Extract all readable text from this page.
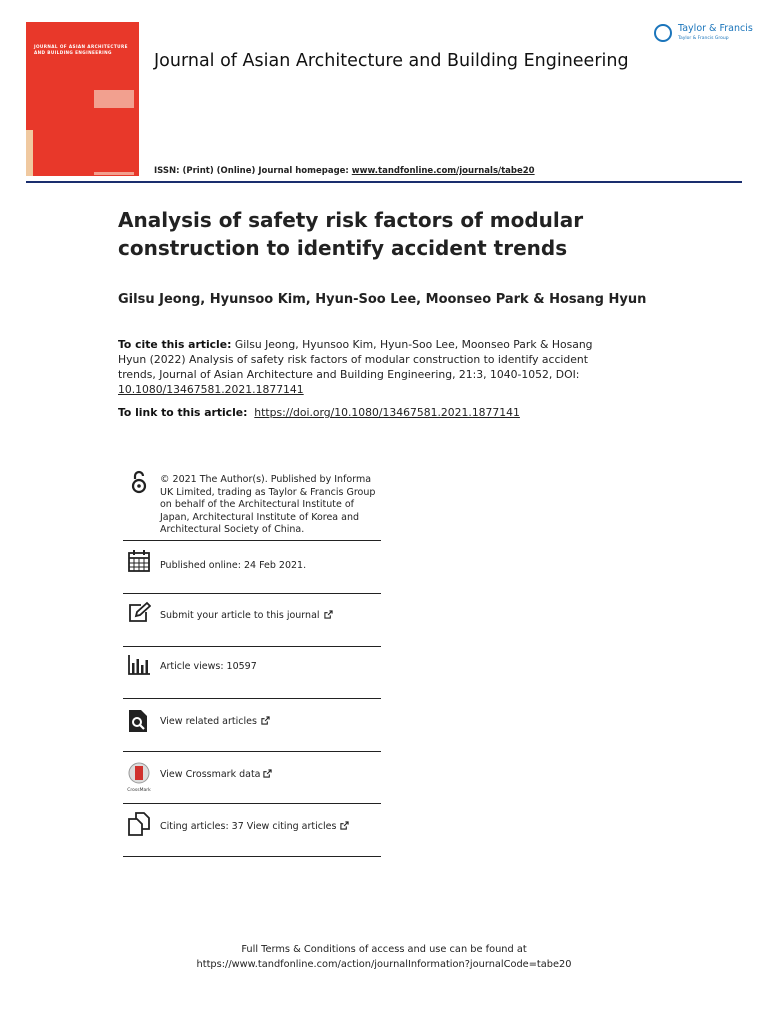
JOURNAL OF ASIAN ARCHITECTURE AND BUILDING ENGINEERING	Journal of Asian Architecture and Building Engineering
Taylor & Francis
Taylor & Francis Group
ISSN: (Print) (Online) Journal homepage: www.tandfonline.com/journals/tabe20
Analysis of safety risk factors of modular construction to identify accident trends
Gilsu Jeong, Hyunsoo Kim, Hyun-Soo Lee, Moonseo Park & Hosang Hyun
To cite this article: Gilsu Jeong, Hyunsoo Kim, Hyun-Soo Lee, Moonseo Park & Hosang Hyun (2022) Analysis of safety risk factors of modular construction to identify accident trends, Journal of Asian Architecture and Building Engineering, 21:3, 1040-1052, DOI: 10.1080/13467581.2021.1877141
To link to this article: https://doi.org/10.1080/13467581.2021.1877141
© 2021 The Author(s). Published by Informa UK Limited, trading as Taylor & Francis Group on behalf of the Architectural Institute of Japan, Architectural Institute of Korea and Architectural Society of China.
Published online: 24 Feb 2021.
Submit your article to this journal
Article views: 10597
View related articles
CrossMark
View Crossmark data
Citing articles: 37 View citing articles
Full Terms & Conditions of access and use can be found at
https://www.tandfonline.com/action/journalInformation?journalCode=tabe20
